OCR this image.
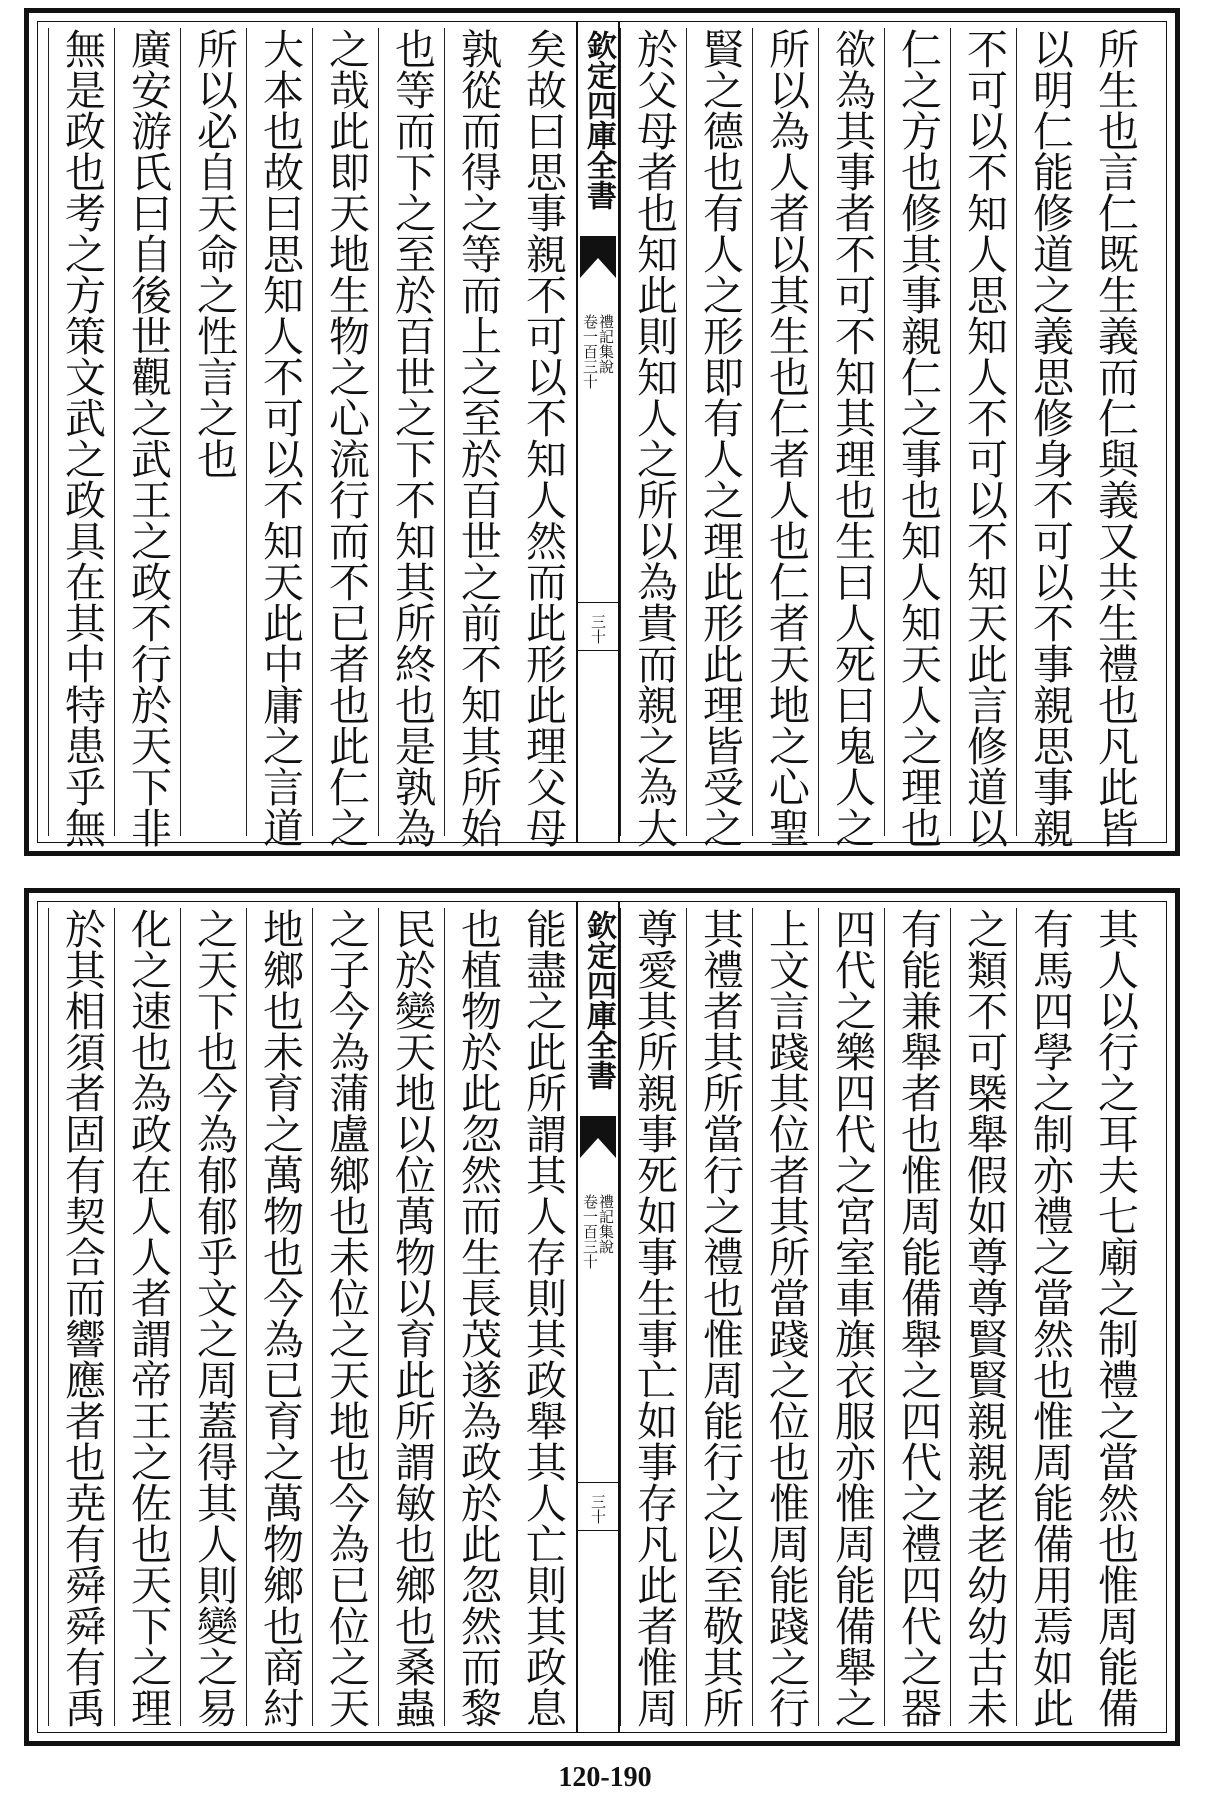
所生也言仁既生義而仁與義又共生禮也凡此皆
以明仁能修道之義思修身不可以不事親思事親
不可以不知人思知人不可以不知天此言修道以
仁之方也修其事親仁之事也知人知天人之理也
欲為其事者不可不知其理也生曰人死曰鬼人之
所以為人者以其生也仁者人也仁者天地之心聖
賢之德也有人之形即有人之理此形此理皆受之
於父母者也知此則知人之所以為貴而親之為大
欽定四庫全書
禮記集說
卷一百三十
三十
矣故曰思事親不可以不知人然而此形此理父母
孰從而得之等而上之至於百世之前不知其所始
也等而下之至於百世之下不知其所終也是孰為
之哉此即天地生物之心流行而不已者也此仁之
大本也故曰思知人不可以不知天此中庸之言道
所以必自天命之性言之也
廣安游氏曰自後世觀之武王之政不行於天下非
無是政也考之方策文武之政具在其中特患乎無
其人以行之耳夫七廟之制禮之當然也惟周能備
有馬四學之制亦禮之當然也惟周能備用焉如此
之類不可槩舉假如尊尊賢賢親親老老幼幼古未
有能兼舉者也惟周能備舉之四代之禮四代之器
四代之樂四代之宮室車旗衣服亦惟周能備舉之
上文言踐其位者其所當踐之位也惟周能踐之行
其禮者其所當行之禮也惟周能行之以至敬其所
尊愛其所親事死如事生事亡如事存凡此者惟周
欽定四庫全書
禮記集說
卷一百三十
三十
能盡之此所謂其人存則其政舉其人亡則其政息
也植物於此忽然而生長茂遂為政於此忽然而黎
民於變天地以位萬物以育此所謂敏也鄉也桑蟲
之子今為蒲盧鄉也未位之天地也今為已位之天
地鄉也未育之萬物也今為已育之萬物鄉也商紂
之天下也今為郁郁乎文之周蓋得其人則變之易
化之速也為政在人人者謂帝王之佐也天下之理
於其相須者固有契合而響應者也尭有舜舜有禹
120-190
